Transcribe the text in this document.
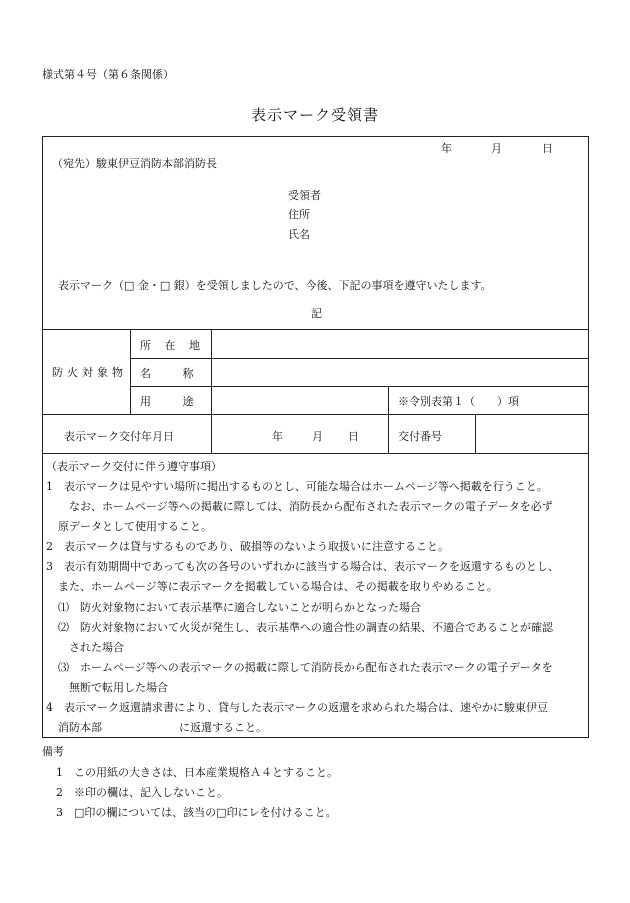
様式第４号（第６条関係）
表示マーク受領書
年	月	日
（宛先）駿東伊豆消防本部消防長
受領者
住所
氏名
表示マーク（□ 金・□ 銀）を受領しましたので、今後、下記の事項を遵守いたします。
記
防火対象物
所 在 地
名 称
用 途	※令別表第１（　　）項
表示マーク交付年月日	年	月 日	交付番号
（表示マーク交付に伴う遵守事項）
1　表示マークは見やすい場所に掲出するものとし、可能な場合はホームページ等へ掲載を行うこと。
　なお、ホームページ等への掲載に際しては、消防長から配布された表示マークの電子データを必ず
原データとして使用すること。
2　表示マークは貸与するものであり、破損等のないよう取扱いに注意すること。
3　表示有効期間中であっても次の各号のいずれかに該当する場合は、表示マークを返還するものとし、
また、ホームページ等に表示マークを掲載している場合は、その掲載を取りやめること。
⑴　防火対象物において表示基準に適合しないことが明らかとなった場合
⑵　防火対象物において火災が発生し、表示基準への適合性の調査の結果、不適合であることが確認
　された場合
⑶　ホームページ等への表示マークの掲載に際して消防長から配布された表示マークの電子データを
　無断で転用した場合
4　表示マーク返還請求書により、貸与した表示マークの返還を求められた場合は、速やかに駿東伊豆
消防本部　　　　　　　に返還すること。
備考
1　この用紙の大きさは、日本産業規格Ａ４とすること。
2　※印の欄は、記入しないこと。
3　□印の欄については、該当の□印にレを付けること。
